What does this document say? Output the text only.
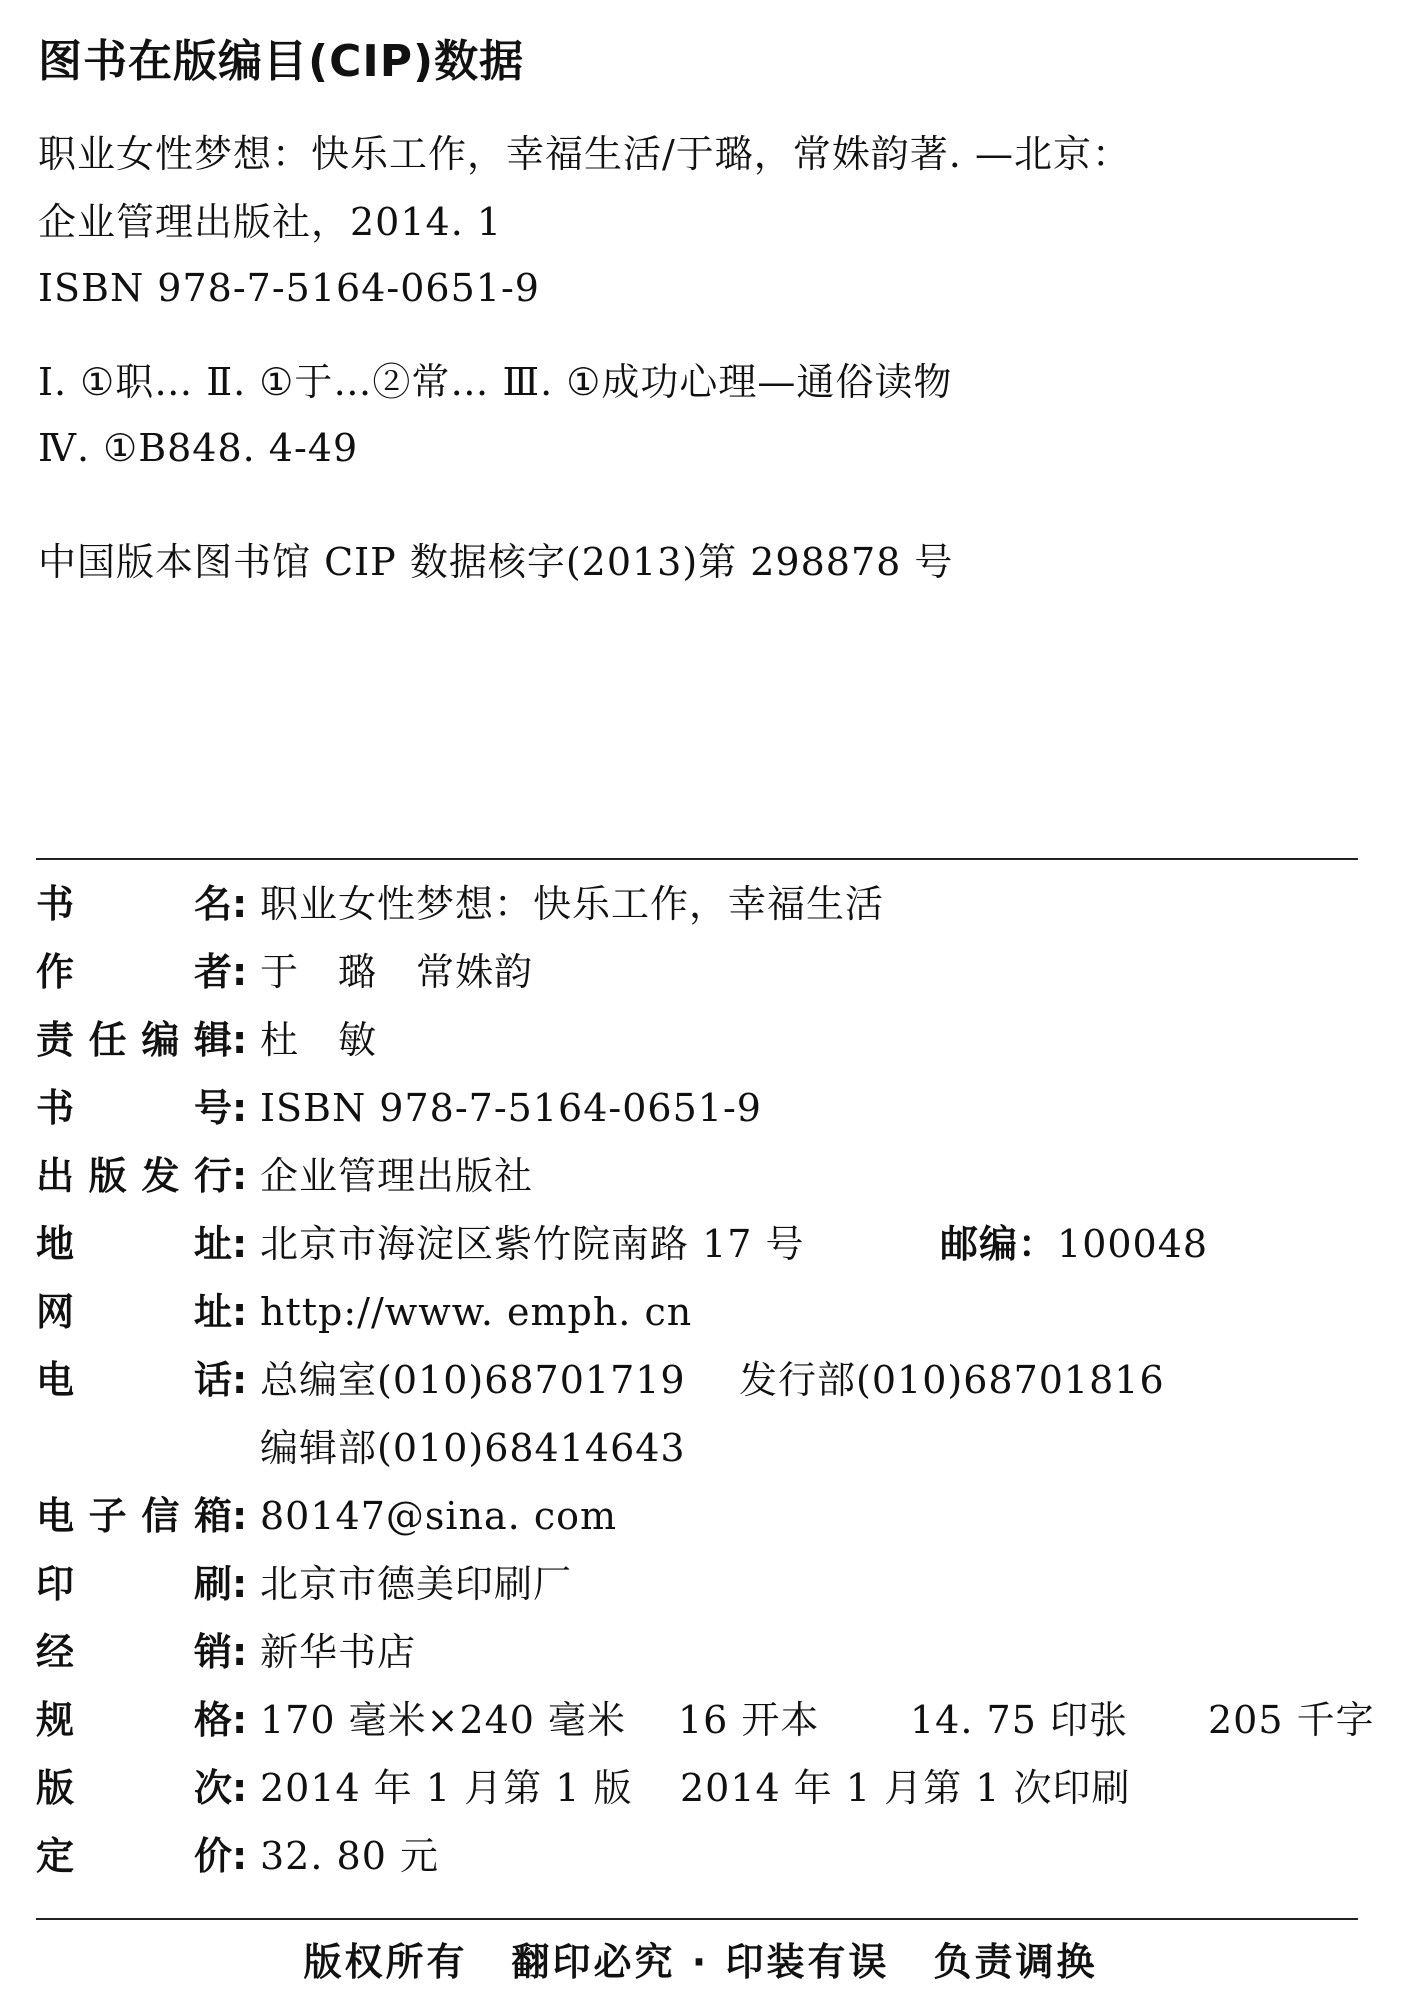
图书在版编目(CIP)数据
职业女性梦想：快乐工作，幸福生活/于璐，常姝韵著. —北京：
企业管理出版社，2014. 1
ISBN 978-7-5164-0651-9
Ⅰ. ①职… Ⅱ. ①于…②常… Ⅲ. ①成功心理—通俗读物
Ⅳ. ①B848. 4-49
中国版本图书馆 CIP 数据核字(2013)第 298878 号
书	名 : 职业女性梦想：快乐工作，幸福生活
作	者 : 于　璐　常姝韵
责 任 编 辑 : 杜　敏
书	号 : ISBN 978-7-5164-0651-9
出 版 发 行 : 企业管理出版社
地	址 : 北京市海淀区紫竹院南路 17 号	邮编：100048
网	址 : http://www. emph. cn
电	话 : 总编室(010)68701719 发行部(010)68701816
编辑部(010)68414643
电 子 信 箱 : 80147@sina. com
印	刷 : 北京市德美印刷厂
经	销 : 新华书店
规	格 : 170 毫米×240 毫米 16 开本 14. 75 印张 205 千字
版	次 : 2014 年 1 月第 1 版 2014 年 1 月第 1 次印刷
定	价 : 32. 80 元
版权所有 翻印必究 · 印装有误 负责调换
